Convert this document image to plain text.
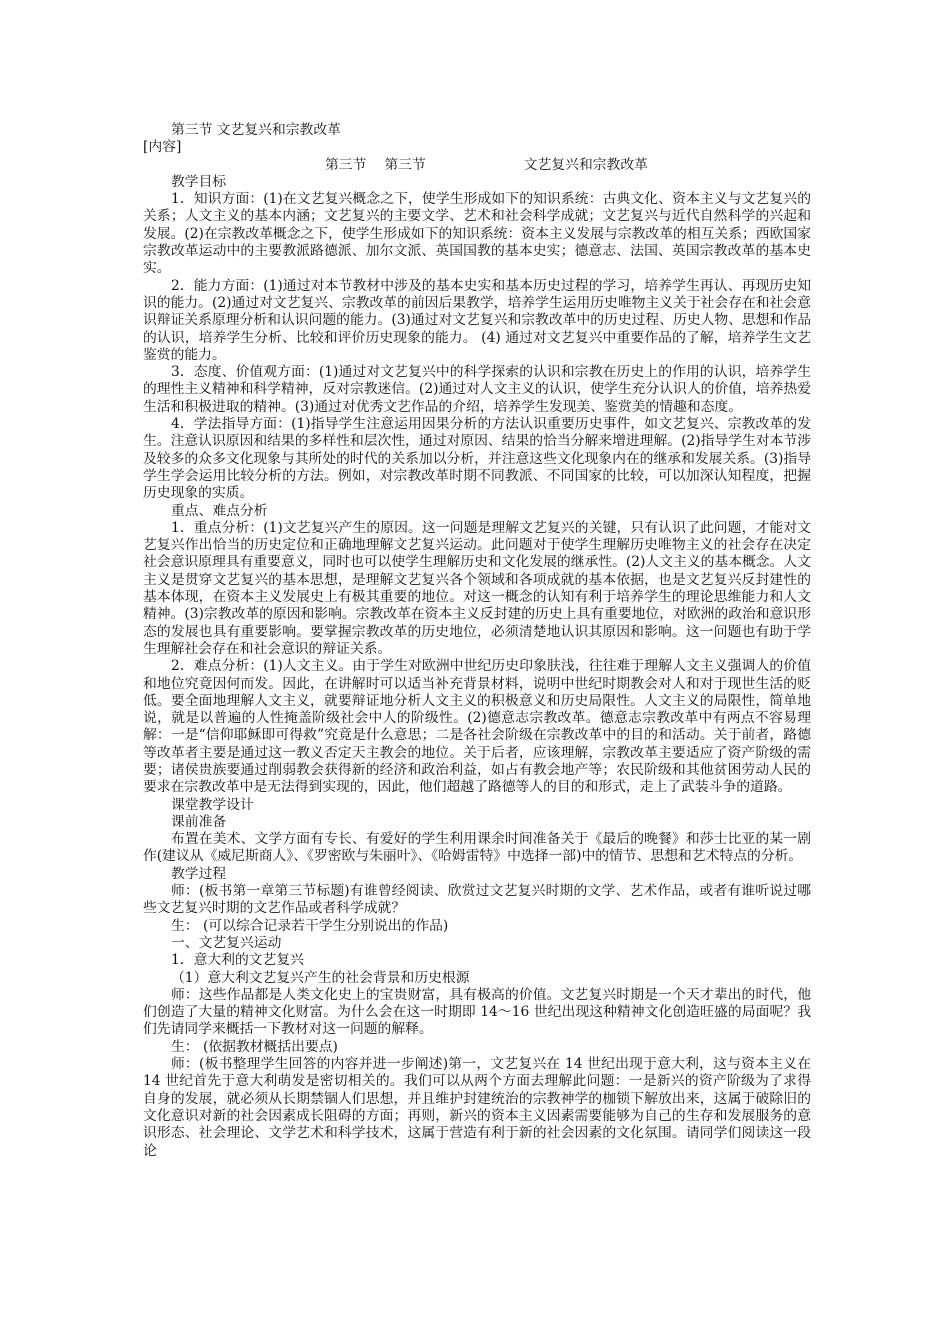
第三节 文艺复兴和宗教改革
[内容]
第三节 第三节	文艺复兴和宗教改革

教学目标

1．知识方面：(1)在文艺复兴概念之下，使学生形成如下的知识系统：古典文化、资本主义与文艺复兴的关系；人文主义的基本内涵；文艺复兴的主要文学、艺术和社会科学成就；文艺复兴与近代自然科学的兴起和发展。(2)在宗教改革概念之下，使学生形成如下的知识系统：资本主义发展与宗教改革的相互关系；西欧国家宗教改革运动中的主要教派路德派、加尔文派、英国国教的基本史实；德意志、法国、英国宗教改革的基本史实。

2．能力方面：(1)通过对本节教材中涉及的基本史实和基本历史过程的学习，培养学生再认、再现历史知识的能力。(2)通过对文艺复兴、宗教改革的前因后果教学，培养学生运用历史唯物主义关于社会存在和社会意识辩证关系原理分析和认识问题的能力。(3)通过对文艺复兴和宗教改革中的历史过程、历史人物、思想和作品的认识，培养学生分析、比较和评价历史现象的能力。 (4) 通过对文艺复兴中重要作品的了解，培养学生文艺鉴赏的能力。

3．态度、价值观方面：(1)通过对文艺复兴中的科学探索的认识和宗教在历史上的作用的认识，培养学生的理性主义精神和科学精神，反对宗教迷信。(2)通过对人文主义的认识，使学生充分认识人的价值，培养热爱生活和积极进取的精神。(3)通过对优秀文艺作品的介绍，培养学生发现美、鉴赏美的情趣和态度。

4．学法指导方面：(1)指导学生注意运用因果分析的方法认识重要历史事件，如文艺复兴、宗教改革的发生。注意认识原因和结果的多样性和层次性，通过对原因、结果的恰当分解来增进理解。(2)指导学生对本节涉及较多的众多文化现象与其所处的时代的关系加以分析，并注意这些文化现象内在的继承和发展关系。(3)指导学生学会运用比较分析的方法。例如，对宗教改革时期不同教派、不同国家的比较，可以加深认知程度，把握历史现象的实质。

重点、难点分析

1．重点分析：(1)文艺复兴产生的原因。这一问题是理解文艺复兴的关键，只有认识了此问题，才能对文艺复兴作出恰当的历史定位和正确地理解文艺复兴运动。此问题对于使学生理解历史唯物主义的社会存在决定社会意识原理具有重要意义，同时也可以使学生理解历史和文化发展的继承性。(2)人文主义的基本概念。人文主义是贯穿文艺复兴的基本思想，是理解文艺复兴各个领域和各项成就的基本依据，也是文艺复兴反封建性的基本体现，在资本主义发展史上有极其重要的地位。对这一概念的认知有利于培养学生的理论思维能力和人文精神。(3)宗教改革的原因和影响。宗教改革在资本主义反封建的历史上具有重要地位，对欧洲的政治和意识形态的发展也具有重要影响。要掌握宗教改革的历史地位，必须清楚地认识其原因和影响。这一问题也有助于学生理解社会存在和社会意识的辩证关系。

2．难点分析：(1)人文主义。由于学生对欧洲中世纪历史印象肤浅，往往难于理解人文主义强调人的价值和地位究竟因何而发。因此，在讲解时可以适当补充背景材料，说明中世纪时期教会对人和对于现世生活的贬低。要全面地理解人文主义，就要辩证地分析人文主义的积极意义和历史局限性。人文主义的局限性，简单地说，就是以普遍的人性掩盖阶级社会中人的阶级性。(2)德意志宗教改革。德意志宗教改革中有两点不容易理解：一是“信仰耶稣即可得救”究竟是什么意思；二是各社会阶级在宗教改革中的目的和活动。关于前者，路德等改革者主要是通过这一教义否定天主教会的地位。关于后者，应该理解，宗教改革主要适应了资产阶级的需要；诸侯贵族要通过削弱教会获得新的经济和政治利益，如占有教会地产等；农民阶级和其他贫困劳动人民的要求在宗教改革中是无法得到实现的，因此，他们超越了路德等人的目的和形式，走上了武装斗争的道路。

课堂教学设计

课前准备

布置在美术、文学方面有专长、有爱好的学生利用课余时间准备关于《最后的晚餐》和莎士比亚的某一剧作(建议从《威尼斯商人》、《罗密欧与朱丽叶》、《哈姆雷特》中选择一部)中的情节、思想和艺术特点的分析。

教学过程

师：(板书第一章第三节标题)有谁曾经阅读、欣赏过文艺复兴时期的文学、艺术作品，或者有谁听说过哪些文艺复兴时期的文艺作品或者科学成就？

生： (可以综合记录若干学生分别说出的作品)

一、文艺复兴运动

1．意大利的文艺复兴

（1）意大利文艺复兴产生的社会背景和历史根源

师：这些作品都是人类文化史上的宝贵财富，具有极高的价值。文艺复兴时期是一个天才辈出的时代，他们创造了大量的精神文化财富。为什么会在这一时期即 14～16 世纪出现这种精神文化创造旺盛的局面呢？我们先请同学来概括一下教材对这一问题的解释。

生： (依据教材概括出要点)

师：(板书整理学生回答的内容并进一步阐述)第一，文艺复兴在 14 世纪出现于意大利，这与资本主义在 14 世纪首先于意大利萌发是密切相关的。我们可以从两个方面去理解此问题：一是新兴的资产阶级为了求得自身的发展，就必须从长期禁锢人们思想，并且维护封建统治的宗教神学的枷锁下解放出来，这属于破除旧的文化意识对新的社会因素成长阻碍的方面；再则，新兴的资本主义因素需要能够为自己的生存和发展服务的意识形态、社会理论、文学艺术和科学技术，这属于营造有利于新的社会因素的文化氛围。请同学们阅读这一段论
